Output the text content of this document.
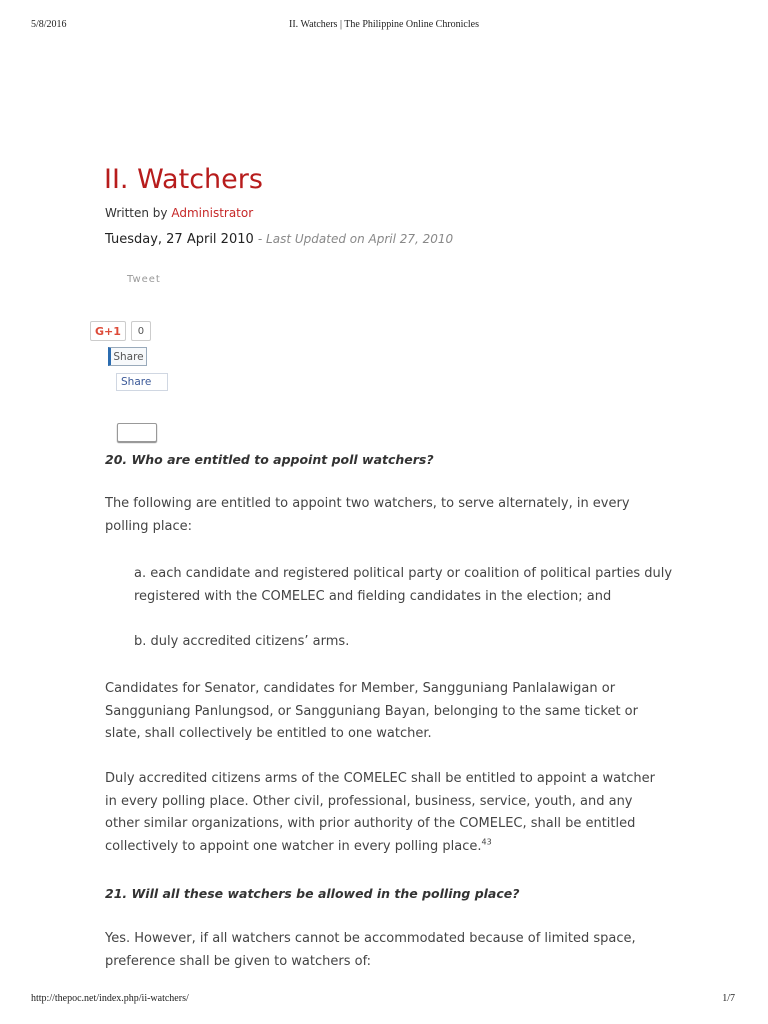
5/8/2016	II. Watchers | The Philippine Online Chronicles
II. Watchers
Written by Administrator
Tuesday, 27 April 2010 - Last Updated on April 27, 2010
Tweet
G+1	0
Share
Share

20. Who are entitled to appoint poll watchers?

The following are entitled to appoint two watchers, to serve alternately, in every polling place:

a. each candidate and registered political party or coalition of political parties duly registered with the COMELEC and fielding candidates in the election; and

b. duly accredited citizens’ arms.

Candidates for Senator, candidates for Member, Sangguniang Panlalawigan or Sangguniang Panlungsod, or Sangguniang Bayan, belonging to the same ticket or slate, shall collectively be entitled to one watcher.

Duly accredited citizens arms of the COMELEC shall be entitled to appoint a watcher in every polling place. Other civil, professional, business, service, youth, and any other similar organizations, with prior authority of the COMELEC, shall be entitled collectively to appoint one watcher in every polling place.$^{43}$

21. Will all these watchers be allowed in the polling place?

Yes. However, if all watchers cannot be accommodated because of limited space, preference shall be given to watchers of:

http://thepoc.net/index.php/ii-watchers/	1/7
